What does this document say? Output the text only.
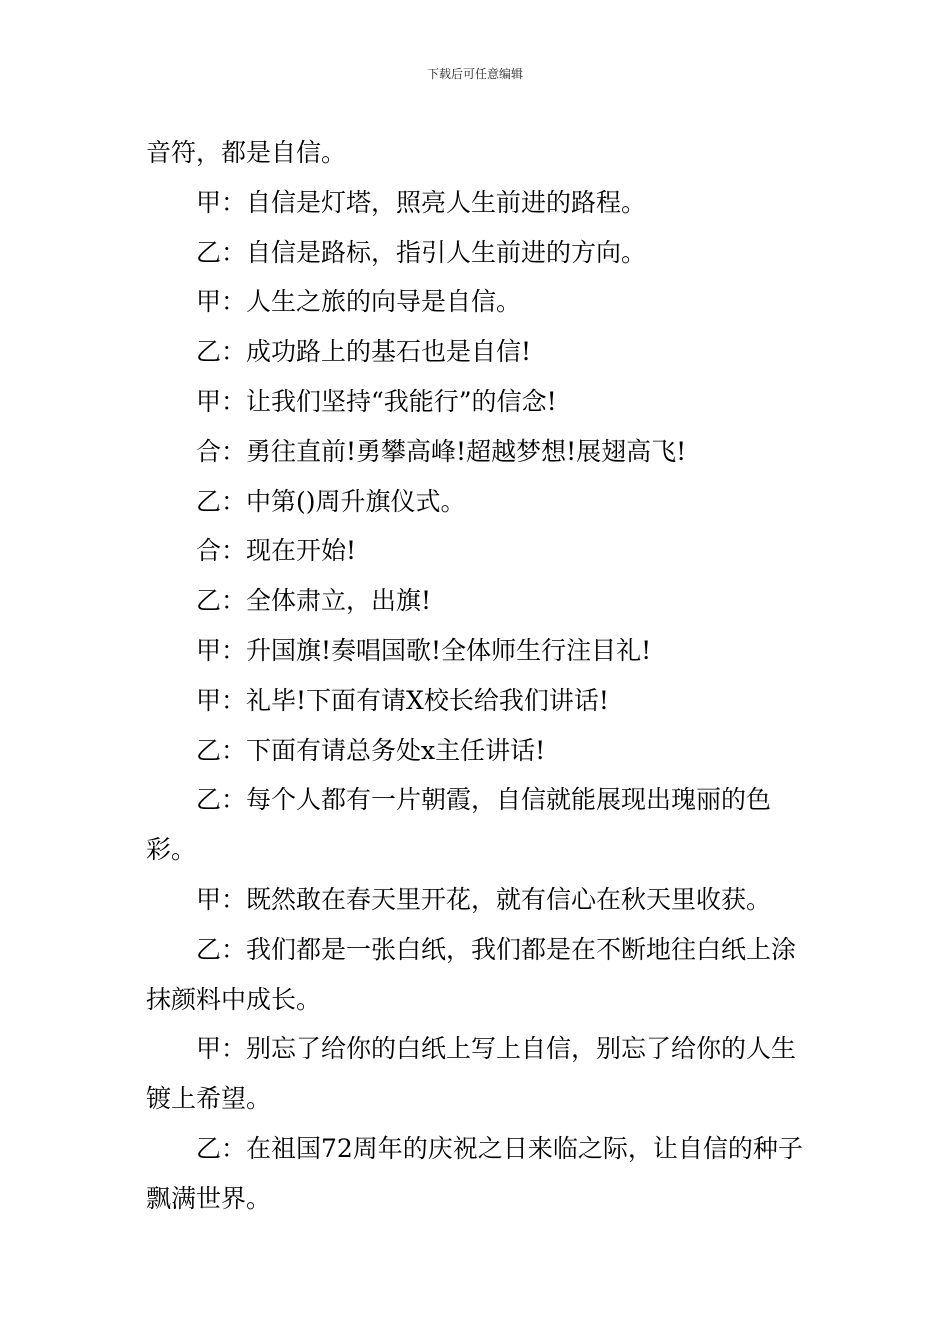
下载后可任意编辑

音符，都是自信。

甲：自信是灯塔，照亮人生前进的路程。

乙：自信是路标，指引人生前进的方向。

甲：人生之旅的向导是自信。

乙：成功路上的基石也是自信!

甲：让我们坚持“我能行”的信念!

合：勇往直前!勇攀高峰!超越梦想!展翅高飞!

乙：中第()周升旗仪式。

合：现在开始!

乙：全体肃立，出旗!

甲：升国旗!奏唱国歌!全体师生行注目礼!

甲：礼毕!下面有请X校长给我们讲话!

乙：下面有请总务处x主任讲话!

乙：每个人都有一片朝霞，自信就能展现出瑰丽的色彩。

甲：既然敢在春天里开花，就有信心在秋天里收获。

乙：我们都是一张白纸，我们都是在不断地往白纸上涂抹颜料中成长。

甲：别忘了给你的白纸上写上自信，别忘了给你的人生镀上希望。

乙：在祖国72周年的庆祝之日来临之际，让自信的种子飘满世界。
